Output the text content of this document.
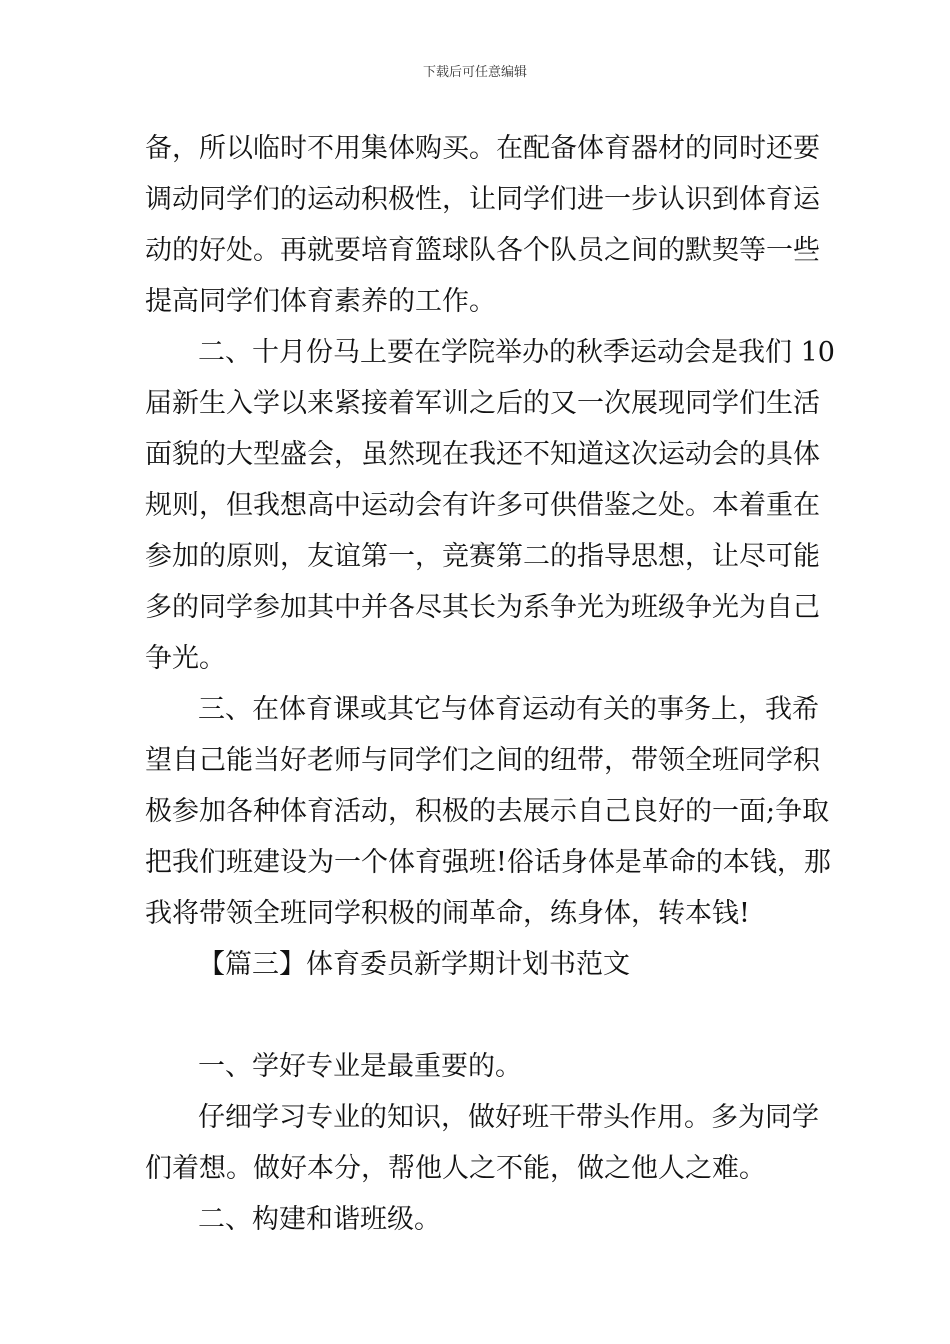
下载后可任意编辑
备，所以临时不用集体购买。在配备体育器材的同时还要
调动同学们的运动积极性，让同学们进一步认识到体育运
动的好处。再就要培育篮球队各个队员之间的默契等一些
提高同学们体育素养的工作。
二、十月份马上要在学院举办的秋季运动会是我们 10
届新生入学以来紧接着军训之后的又一次展现同学们生活
面貌的大型盛会，虽然现在我还不知道这次运动会的具体
规则，但我想高中运动会有许多可供借鉴之处。本着重在
参加的原则，友谊第一，竞赛第二的指导思想，让尽可能
多的同学参加其中并各尽其长为系争光为班级争光为自己
争光。
三、在体育课或其它与体育运动有关的事务上，我希
望自己能当好老师与同学们之间的纽带，带领全班同学积
极参加各种体育活动，积极的去展示自己良好的一面;争取
把我们班建设为一个体育强班!俗话身体是革命的本钱，那
我将带领全班同学积极的闹革命，练身体，转本钱!
【篇三】体育委员新学期计划书范文
一、学好专业是最重要的。
仔细学习专业的知识，做好班干带头作用。多为同学
们着想。做好本分，帮他人之不能，做之他人之难。
二、构建和谐班级。
